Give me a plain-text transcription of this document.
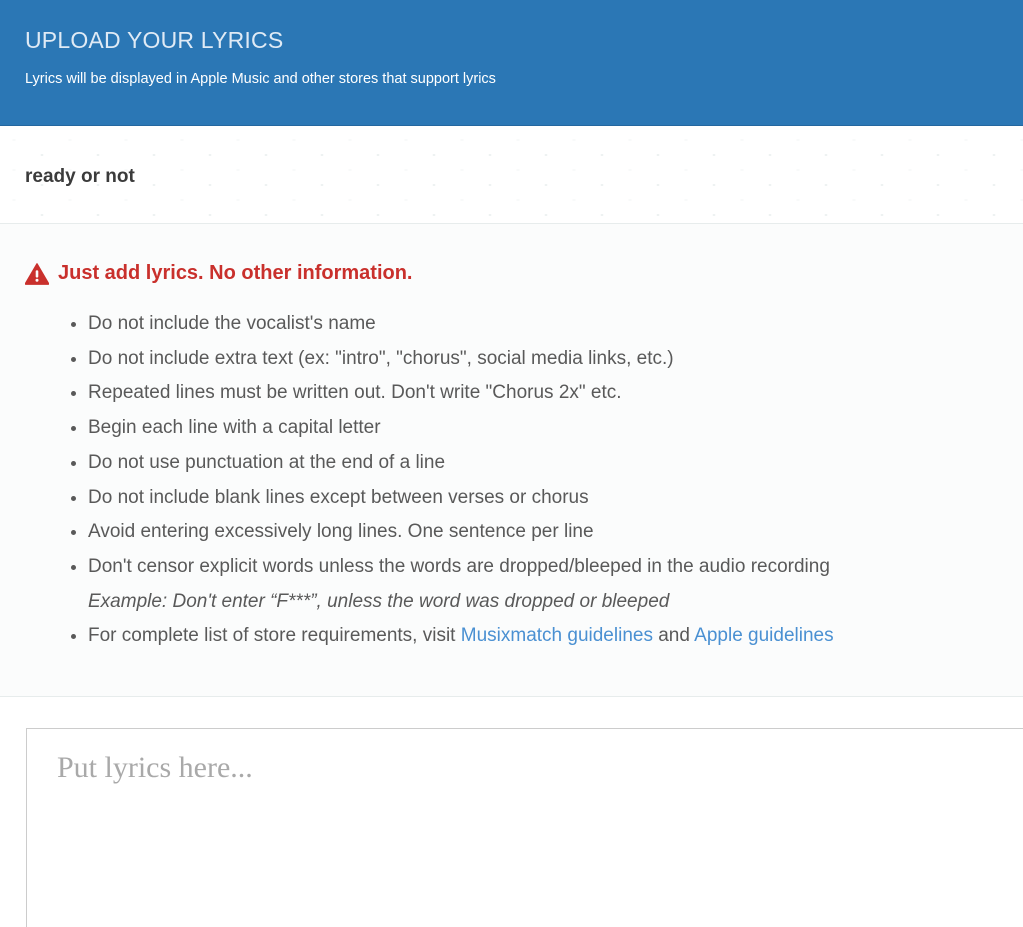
UPLOAD YOUR LYRICS
Lyrics will be displayed in Apple Music and other stores that support lyrics
ready or not
Just add lyrics. No other information.
• Do not include the vocalist's name
• Do not include extra text (ex: "intro", "chorus", social media links, etc.)
• Repeated lines must be written out. Don't write "Chorus 2x" etc.
• Begin each line with a capital letter
• Do not use punctuation at the end of a line
• Do not include blank lines except between verses or chorus
• Avoid entering excessively long lines. One sentence per line
• Don't censor explicit words unless the words are dropped/bleeped in the audio recording
Example: Don't enter “F***”, unless the word was dropped or bleeped
• For complete list of store requirements, visit Musixmatch guidelines and Apple guidelines
Put lyrics here...
